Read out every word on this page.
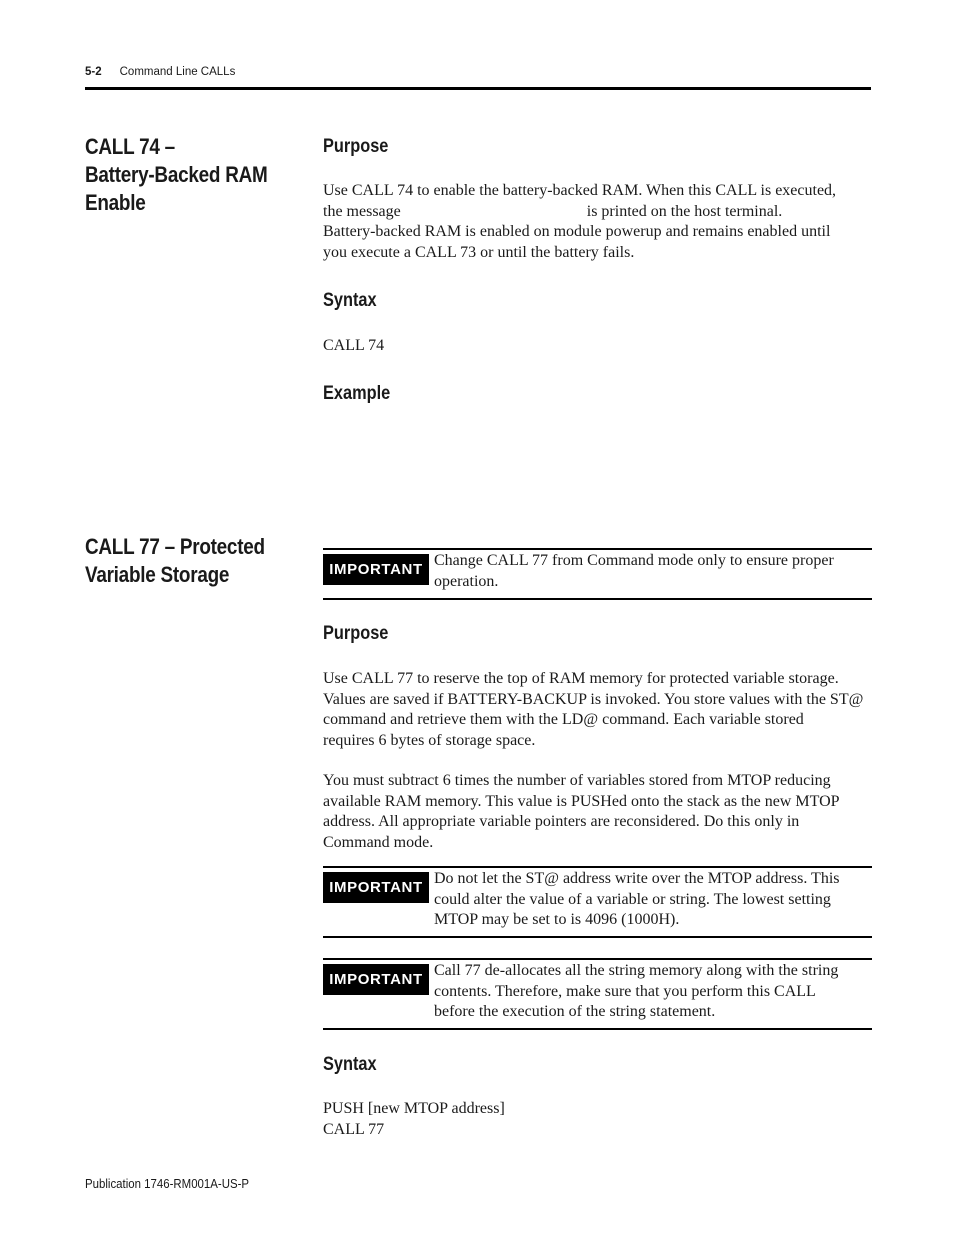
5-2 Command Line CALLs
CALL 74 –
Battery-Backed RAM
Enable
Purpose
Use CALL 74 to enable the battery-backed RAM. When this CALL is executed,
the message	is printed on the host terminal.
Battery-backed RAM is enabled on module powerup and remains enabled until
you execute a CALL 73 or until the battery fails.
Syntax
CALL 74
Example
CALL 77 – Protected
Variable Storage	IMPORTANT
Change CALL 77 from Command mode only to ensure proper
operation.
Purpose
Use CALL 77 to reserve the top of RAM memory for protected variable storage.
Values are saved if BATTERY-BACKUP is invoked. You store values with the ST@
command and retrieve them with the LD@ command. Each variable stored
requires 6 bytes of storage space.
You must subtract 6 times the number of variables stored from MTOP reducing
available RAM memory. This value is PUSHed onto the stack as the new MTOP
address. All appropriate variable pointers are reconsidered. Do this only in
Command mode.
IMPORTANT
Do not let the ST@ address write over the MTOP address. This
could alter the value of a variable or string. The lowest setting
MTOP may be set to is 4096 (1000H).
IMPORTANT
Call 77 de-allocates all the string memory along with the string
contents. Therefore, make sure that you perform this CALL
before the execution of the string statement.
Syntax
PUSH [new MTOP address]
CALL 77
Publication 1746-RM001A-US-P
